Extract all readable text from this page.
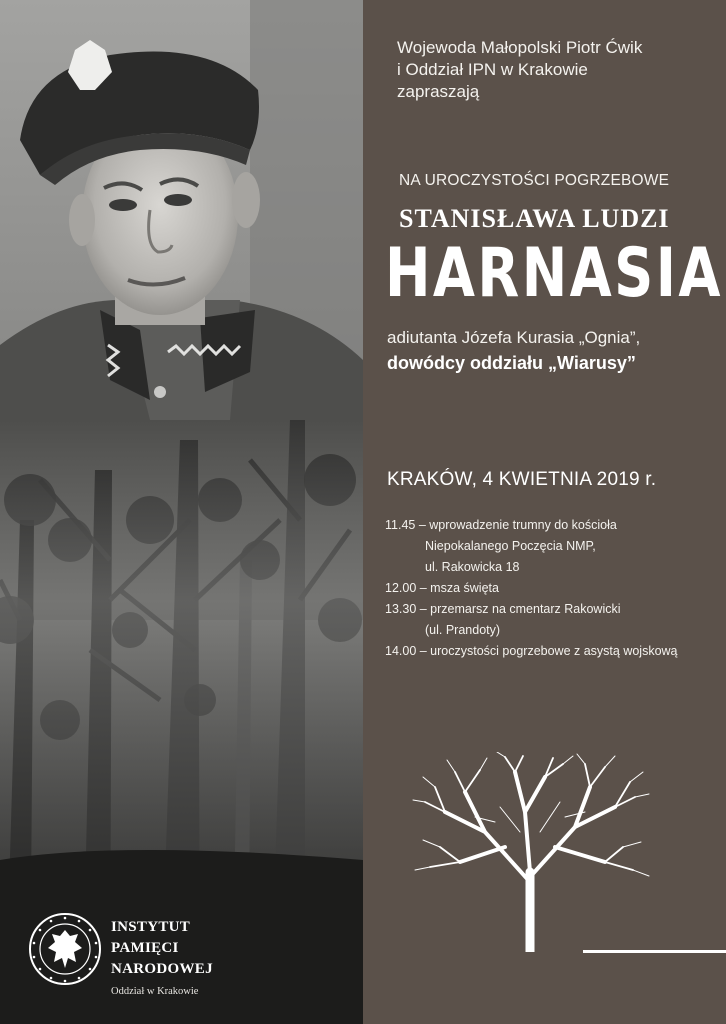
INSTYTUT
PAMIĘCI
NARODOWEJ
Oddział w Krakowie
Wojewoda Małopolski Piotr Ćwik
i Oddział IPN w Krakowie
zapraszają
NA UROCZYSTOŚCI POGRZEBOWE
STANISŁAWA LUDZI
HARNASIA
adiutanta Józefa Kurasia „Ognia”,
dowódcy oddziału „Wiarusy”
KRAKÓW, 4 KWIETNIA 2019 r.
11.45 – wprowadzenie trumny do kościoła
Niepokalanego Poczęcia NMP,
ul. Rakowicka 18
12.00 – msza święta
13.30 – przemarsz na cmentarz Rakowicki
(ul. Prandoty)
14.00 – uroczystości pogrzebowe z asystą wojskową
